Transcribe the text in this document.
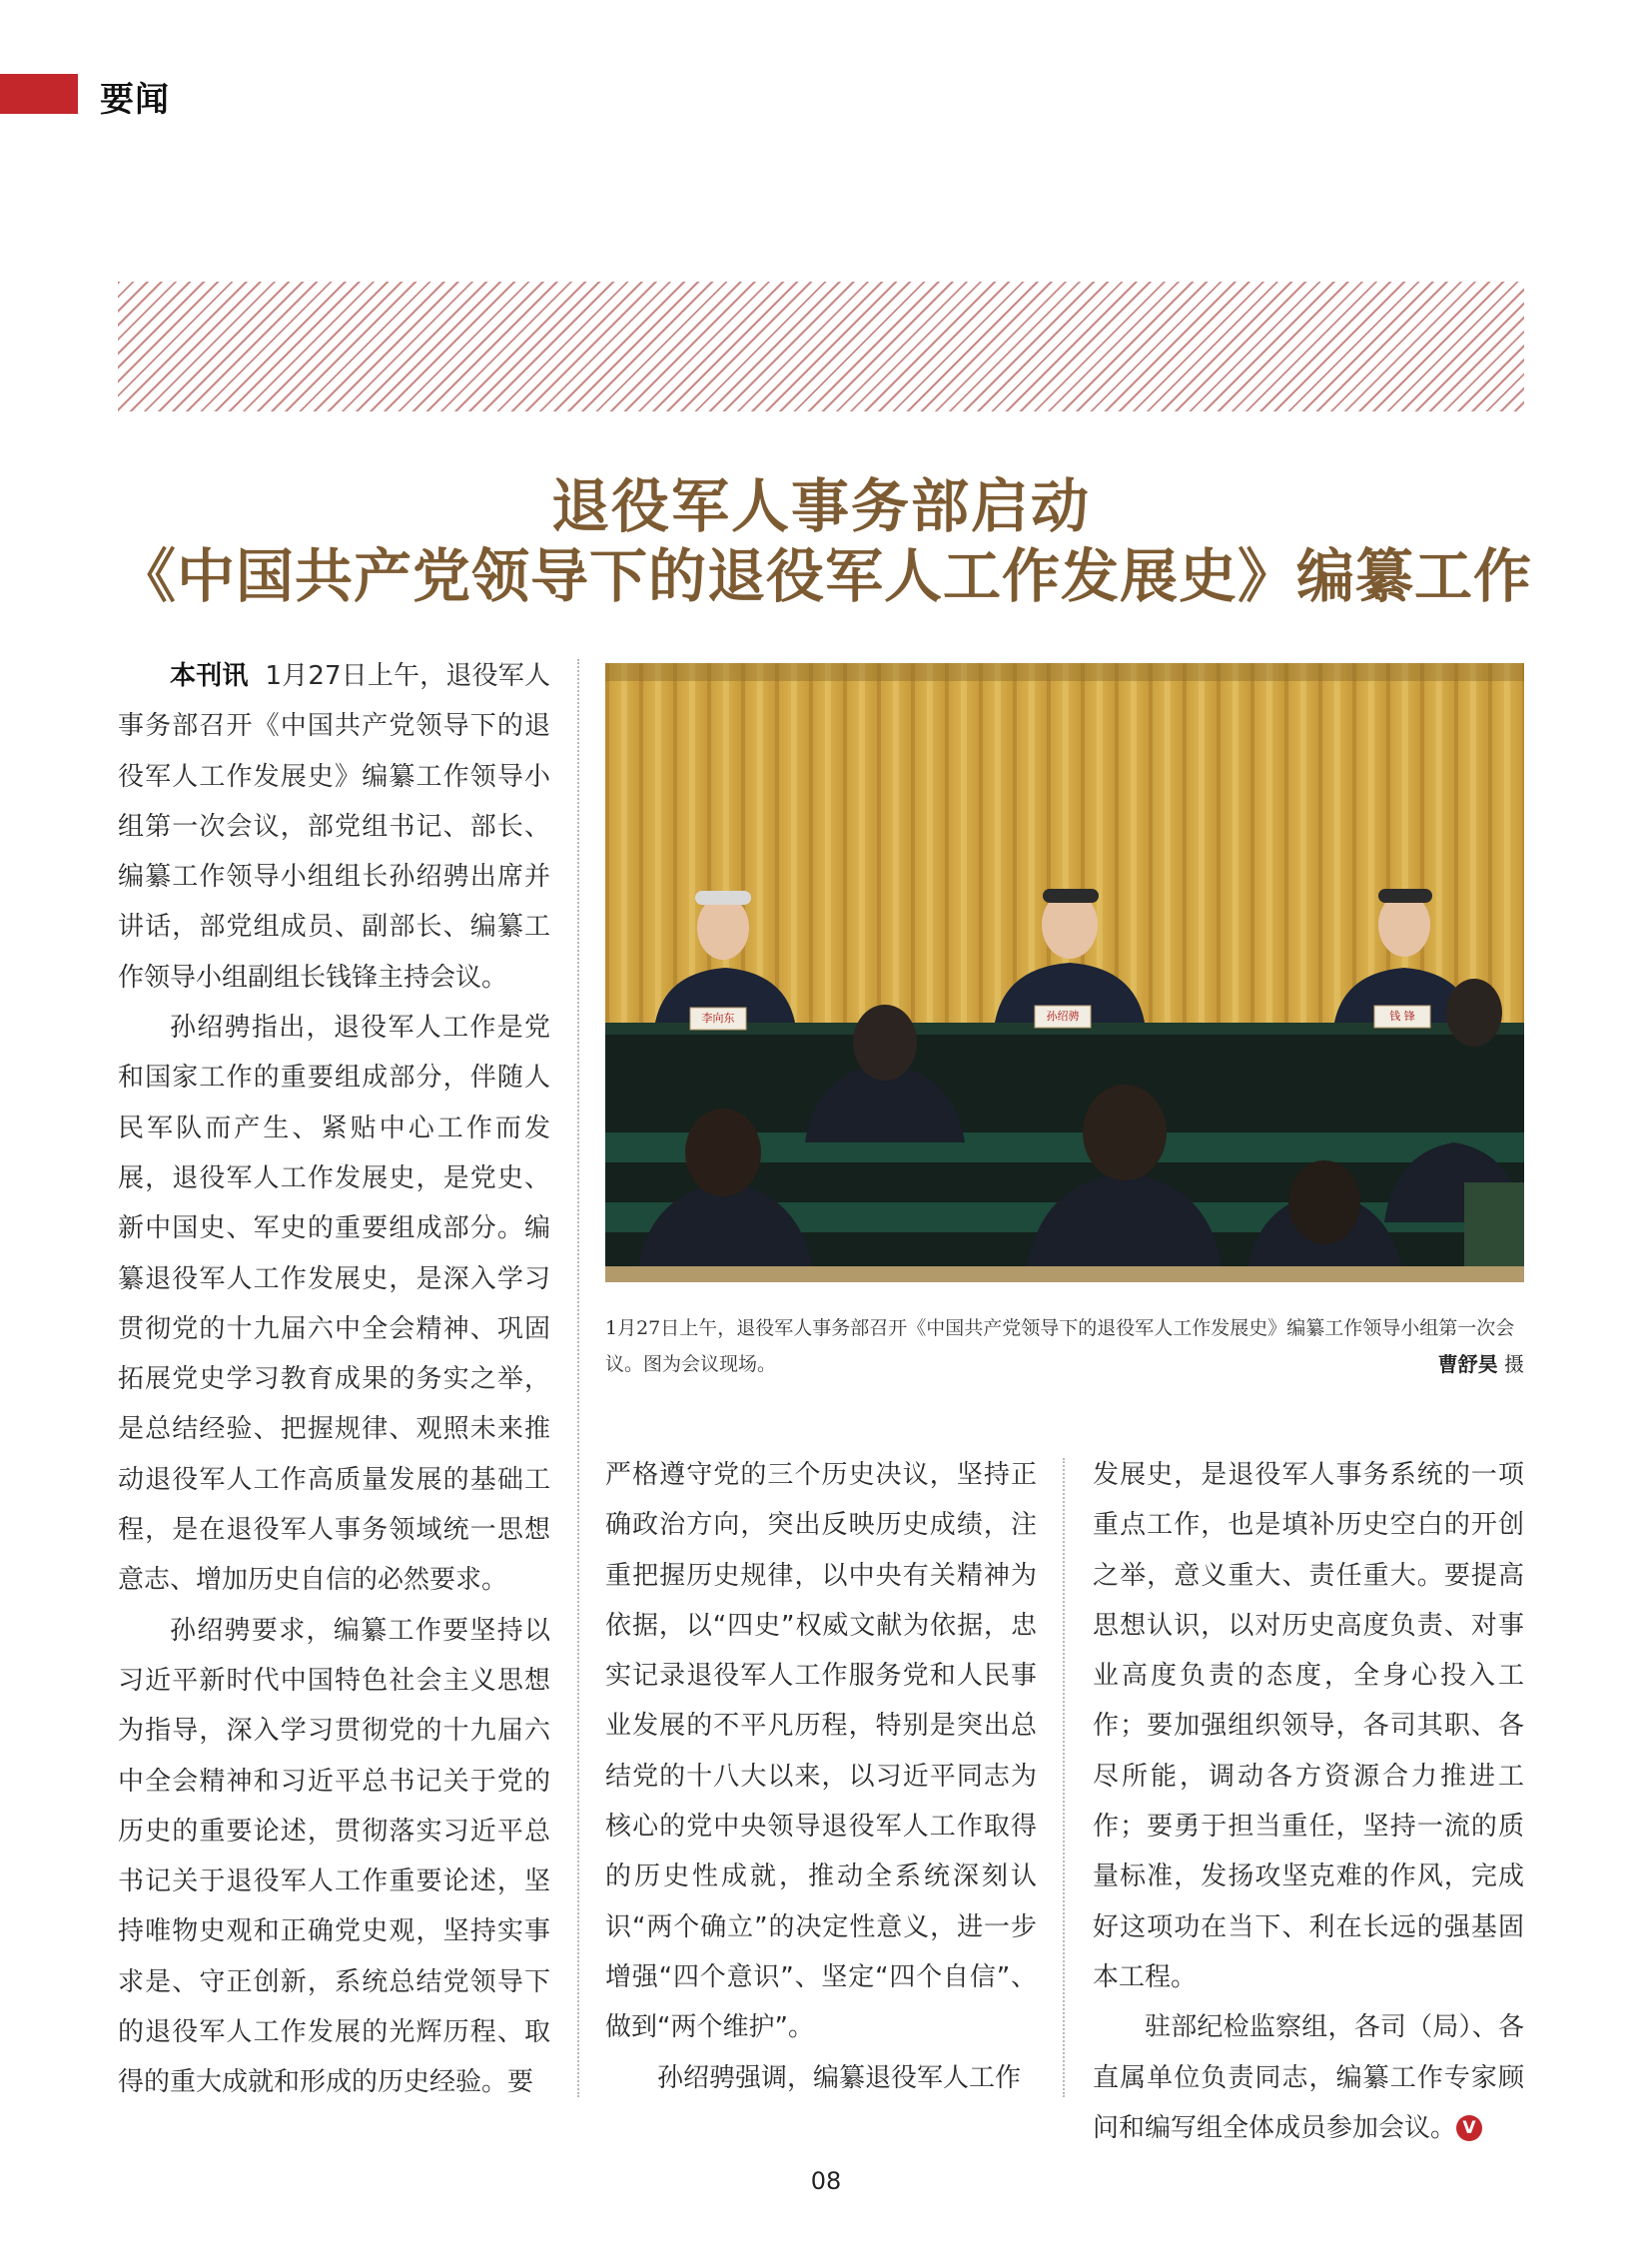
要闻
退役军人事务部启动
《中国共产党领导下的退役军人工作发展史》编纂工作

本刊讯 1月27日上午，退役军人事务部召开《中国共产党领导下的退役军人工作发展史》编纂工作领导小组第一次会议，部党组书记、部长、编纂工作领导小组组长孙绍骋出席并讲话，部党组成员、副部长、编纂工作领导小组副组长钱锋主持会议。

孙绍骋指出，退役军人工作是党和国家工作的重要组成部分，伴随人民军队而产生、紧贴中心工作而发展，退役军人工作发展史，是党史、新中国史、军史的重要组成部分。编纂退役军人工作发展史，是深入学习贯彻党的十九届六中全会精神、巩固拓展党史学习教育成果的务实之举，是总结经验、把握规律、观照未来推动退役军人工作高质量发展的基础工程，是在退役军人事务领域统一思想意志、增加历史自信的必然要求。

孙绍骋要求，编纂工作要坚持以习近平新时代中国特色社会主义思想为指导，深入学习贯彻党的十九届六中全会精神和习近平总书记关于党的历史的重要论述，贯彻落实习近平总书记关于退役军人工作重要论述，坚持唯物史观和正确党史观，坚持实事求是、守正创新，系统总结党领导下的退役军人工作发展的光辉历程、取得的重大成就和形成的历史经验。要

李向东	孙绍骋	钱 锋
1月27日上午，退役军人事务部召开《中国共产党领导下的退役军人工作发展史》编纂工作领导小组第一次会议。图为会议现场。	曹舒昊 摄

严格遵守党的三个历史决议，坚持正确政治方向，突出反映历史成绩，注重把握历史规律，以中央有关精神为依据，以“四史”权威文献为依据，忠实记录退役军人工作服务党和人民事业发展的不平凡历程，特别是突出总结党的十八大以来，以习近平同志为核心的党中央领导退役军人工作取得的历史性成就，推动全系统深刻认识“两个确立”的决定性意义，进一步增强“四个意识”、坚定“四个自信”、做到“两个维护”。

孙绍骋强调，编纂退役军人工作

发展史，是退役军人事务系统的一项重点工作，也是填补历史空白的开创之举，意义重大、责任重大。要提高思想认识，以对历史高度负责、对事业高度负责的态度，全身心投入工作；要加强组织领导，各司其职、各尽所能，调动各方资源合力推进工作；要勇于担当重任，坚持一流的质量标准，发扬攻坚克难的作风，完成好这项功在当下、利在长远的强基固本工程。

驻部纪检监察组，各司（局）、各直属单位负责同志，编纂工作专家顾问和编写组全体成员参加会议。 V

08
